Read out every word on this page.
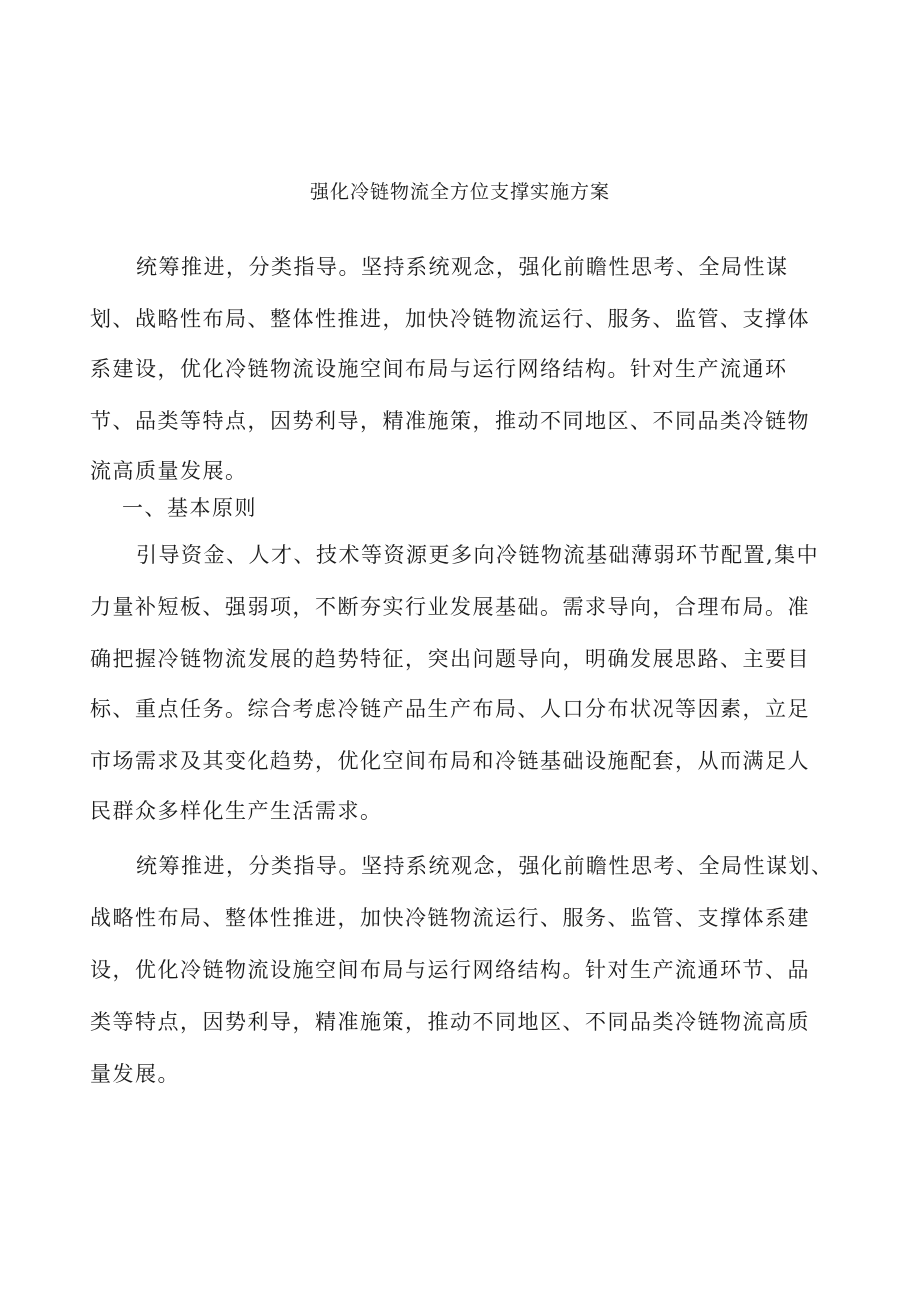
强化冷链物流全方位支撑实施方案
统筹推进，分类指导。坚持系统观念，强化前瞻性思考、全局性谋
划、战略性布局、整体性推进，加快冷链物流运行、服务、监管、支撑体
系建设，优化冷链物流设施空间布局与运行网络结构。针对生产流通环
节、品类等特点，因势利导，精准施策，推动不同地区、不同品类冷链物
流高质量发展。
一、基本原则
引导资金、人才、技术等资源更多向冷链物流基础薄弱环节配置,集中
力量补短板、强弱项，不断夯实行业发展基础。需求导向，合理布局。准
确把握冷链物流发展的趋势特征，突出问题导向，明确发展思路、主要目
标、重点任务。综合考虑冷链产品生产布局、人口分布状况等因素，立足
市场需求及其变化趋势，优化空间布局和冷链基础设施配套，从而满足人
民群众多样化生产生活需求。
统筹推进，分类指导。坚持系统观念，强化前瞻性思考、全局性谋划、
战略性布局、整体性推进，加快冷链物流运行、服务、监管、支撑体系建
设，优化冷链物流设施空间布局与运行网络结构。针对生产流通环节、品
类等特点，因势利导，精准施策，推动不同地区、不同品类冷链物流高质
量发展。
